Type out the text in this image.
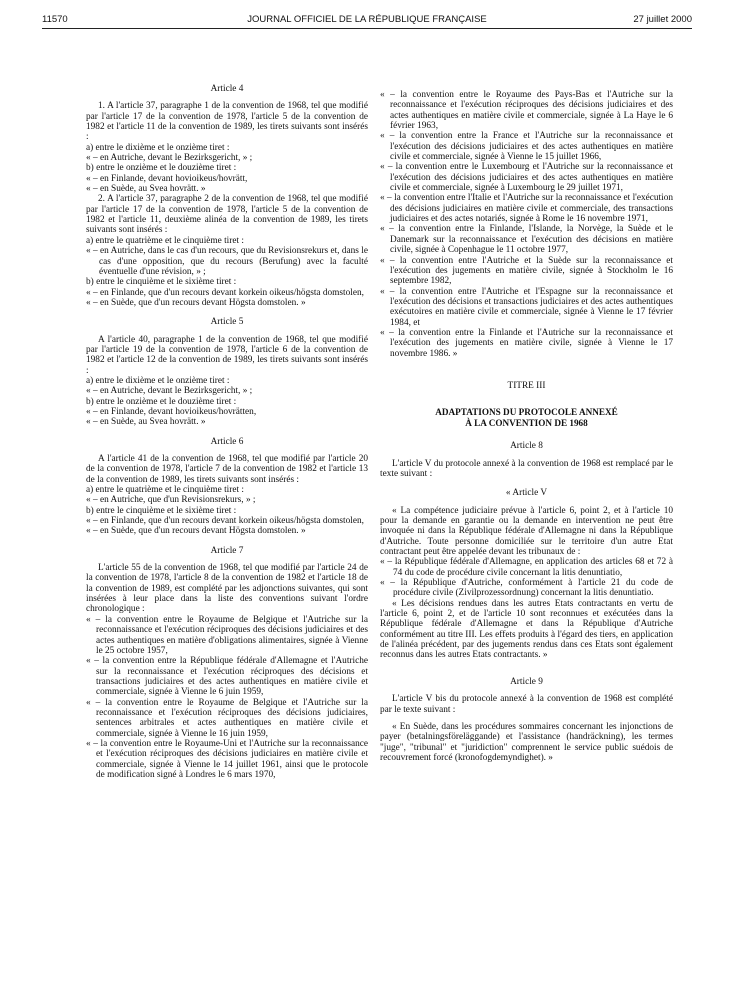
11570	JOURNAL OFFICIEL DE LA RÉPUBLIQUE FRANÇAISE	27 juillet 2000

Article 4

1. A l'article 37, paragraphe 1 de la convention de 1968, tel que modifié par l'article 17 de la convention de 1978, l'article 5 de la convention de 1982 et l'article 11 de la convention de 1989, les tirets suivants sont insérés :

a) entre le dixième et le onzième tiret :

« – en Autriche, devant le Bezirksgericht, » ;

b) entre le onzième et le douzième tiret :

« – en Finlande, devant hovioikeus/hovrätt,

« – en Suède, au Svea hovrätt. »

2. A l'article 37, paragraphe 2 de la convention de 1968, tel que modifié par l'article 17 de la convention de 1978, l'article 5 de la convention de 1982 et l'article 11, deuxième alinéa de la convention de 1989, les tirets suivants sont insérés :

a) entre le quatrième et le cinquième tiret :

« – en Autriche, dans le cas d'un recours, que du Revisionsrekurs et, dans le cas d'une opposition, que du recours (Berufung) avec la faculté éventuelle d'une révision, » ;

b) entre le cinquième et le sixième tiret :

« – en Finlande, que d'un recours devant korkein oikeus/högsta domstolen,

« – en Suède, que d'un recours devant Högsta domstolen. »

Article 5

A l'article 40, paragraphe 1 de la convention de 1968, tel que modifié par l'article 19 de la convention de 1978, l'article 6 de la convention de 1982 et l'article 12 de la convention de 1989, les tirets suivants sont insérés :

a) entre le dixième et le onzième tiret :

« – en Autriche, devant le Bezirksgericht, » ;

b) entre le onzième et le douzième tiret :

« – en Finlande, devant hovioikeus/hovrätten,

« – en Suède, au Svea hovrätt. »

Article 6

A l'article 41 de la convention de 1968, tel que modifié par l'article 20 de la convention de 1978, l'article 7 de la convention de 1982 et l'article 13 de la convention de 1989, les tirets suivants sont insérés :

a) entre le quatrième et le cinquième tiret :

« – en Autriche, que d'un Revisionsrekurs, » ;

b) entre le cinquième et le sixième tiret :

« – en Finlande, que d'un recours devant korkein oikeus/högsta domstolen,

« – en Suède, que d'un recours devant Högsta domstolen. »

Article 7

L'article 55 de la convention de 1968, tel que modifié par l'article 24 de la convention de 1978, l'article 8 de la convention de 1982 et l'article 18 de la convention de 1989, est complété par les adjonctions suivantes, qui sont insérées à leur place dans la liste des conventions suivant l'ordre chronologique :

« – la convention entre le Royaume de Belgique et l'Autriche sur la reconnaissance et l'exécution réciproques des décisions judiciaires et des actes authentiques en matière d'obligations alimentaires, signée à Vienne le 25 octobre 1957,

« – la convention entre la République fédérale d'Allemagne et l'Autriche sur la reconnaissance et l'exécution réciproques des décisions et transactions judiciaires et des actes authentiques en matière civile et commerciale, signée à Vienne le 6 juin 1959,

« – la convention entre le Royaume de Belgique et l'Autriche sur la reconnaissance et l'exécution réciproques des décisions judiciaires, sentences arbitrales et actes authentiques en matière civile et commerciale, signée à Vienne le 16 juin 1959,

« – la convention entre le Royaume-Uni et l'Autriche sur la reconnaissance et l'exécution réciproques des décisions judiciaires en matière civile et commerciale, signée à Vienne le 14 juillet 1961, ainsi que le protocole de modification signé à Londres le 6 mars 1970,

« – la convention entre le Royaume des Pays-Bas et l'Autriche sur la reconnaissance et l'exécution réciproques des décisions judiciaires et des actes authentiques en matière civile et commerciale, signée à La Haye le 6 février 1963,

« – la convention entre la France et l'Autriche sur la reconnaissance et l'exécution des décisions judiciaires et des actes authentiques en matière civile et commerciale, signée à Vienne le 15 juillet 1966,

« – la convention entre le Luxembourg et l'Autriche sur la reconnaissance et l'exécution des décisions judiciaires et des actes authentiques en matière civile et commerciale, signée à Luxembourg le 29 juillet 1971,

« – la convention entre l'Italie et l'Autriche sur la reconnaissance et l'exécution des décisions judiciaires en matière civile et commerciale, des transactions judiciaires et des actes notariés, signée à Rome le 16 novembre 1971,

« – la convention entre la Finlande, l'Islande, la Norvège, la Suède et le Danemark sur la reconnaissance et l'exécution des décisions en matière civile, signée à Copenhague le 11 octobre 1977,

« – la convention entre l'Autriche et la Suède sur la reconnaissance et l'exécution des jugements en matière civile, signée à Stockholm le 16 septembre 1982,

« – la convention entre l'Autriche et l'Espagne sur la reconnaissance et l'exécution des décisions et transactions judiciaires et des actes authentiques exécutoires en matière civile et commerciale, signée à Vienne le 17 février 1984, et

« – la convention entre la Finlande et l'Autriche sur la reconnaissance et l'exécution des jugements en matière civile, signée à Vienne le 17 novembre 1986. »

TITRE III

ADAPTATIONS DU PROTOCOLE ANNEXÉ
À LA CONVENTION DE 1968

Article 8

L'article V du protocole annexé à la convention de 1968 est remplacé par le texte suivant :

« Article V

« La compétence judiciaire prévue à l'article 6, point 2, et à l'article 10 pour la demande en garantie ou la demande en intervention ne peut être invoquée ni dans la République fédérale d'Allemagne ni dans la République d'Autriche. Toute personne domiciliée sur le territoire d'un autre Etat contractant peut être appelée devant les tribunaux de :

« – la République fédérale d'Allemagne, en application des articles 68 et 72 à 74 du code de procédure civile concernant la litis denuntiatio,

« – la République d'Autriche, conformément à l'article 21 du code de procédure civile (Zivilprozessordnung) concernant la litis denuntiatio.

« Les décisions rendues dans les autres Etats contractants en vertu de l'article 6, point 2, et de l'article 10 sont reconnues et exécutées dans la République fédérale d'Allemagne et dans la République d'Autriche conformément au titre III. Les effets produits à l'égard des tiers, en application de l'alinéa précédent, par des jugements rendus dans ces Etats sont également reconnus dans les autres Etats contractants. »

Article 9

L'article V bis du protocole annexé à la convention de 1968 est complété par le texte suivant :

« En Suède, dans les procédures sommaires concernant les injonctions de payer (betalningsföreläggande) et l'assistance (handräckning), les termes "juge", "tribunal" et "juridiction" comprennent le service public suédois de recouvrement forcé (kronofogdemyndighet). »
